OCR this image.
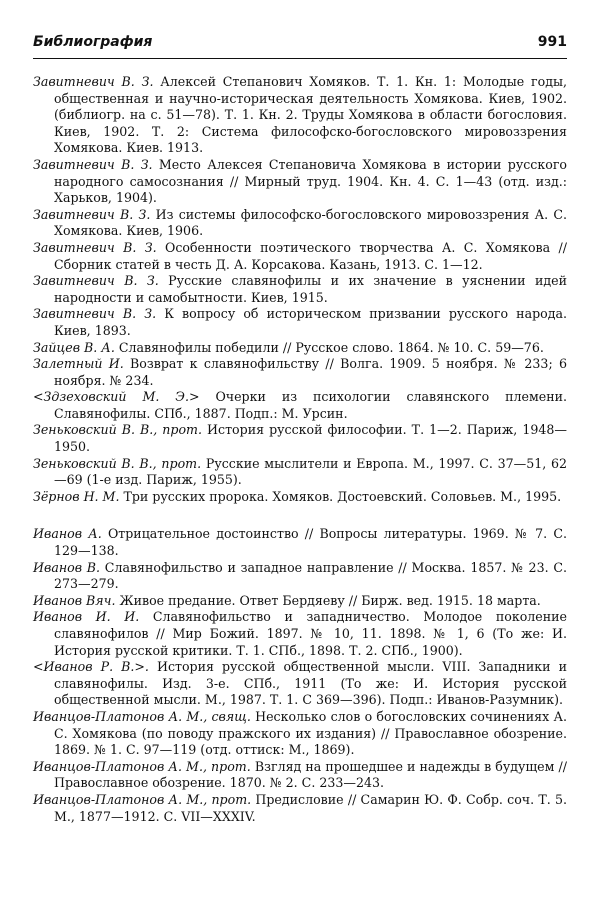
Библиография	991

Завитневич В. З. Алексей Степанович Хомяков. Т. 1. Кн. 1: Молодые годы, общественная и научно-историческая деятельность Хомякова. Киев, 1902. (библиогр. на с. 51—78). Т. 1. Кн. 2. Труды Хомякова в области богословия. Киев, 1902. Т. 2: Система философско-богословского мировоззрения Хомякова. Киев. 1913.

Завитневич В. З. Место Алексея Степановича Хомякова в истории русского народного самосознания // Мирный труд. 1904. Кн. 4. С. 1—43 (отд. изд.: Харьков, 1904).

Завитневич В. З. Из системы философско-богословского мировоззрения А. С. Хомякова. Киев, 1906.

Завитневич В. З. Особенности поэтического творчества А. С. Хомякова // Сборник статей в честь Д. А. Корсакова. Казань, 1913. С. 1—12.

Завитневич В. З. Русские славянофилы и их значение в уяснении идей народности и самобытности. Киев, 1915.

Завитневич В. З. К вопросу об историческом призвании русского народа. Киев, 1893.

Зайцев В. А. Славянофилы победили // Русское слово. 1864. № 10. С. 59—76.

Залетный И. Возврат к славянофильству // Волга. 1909. 5 ноября. № 233; 6 ноября. № 234.

<Здзеховский М. Э.> Очерки из психологии славянского племени. Славянофилы. СПб., 1887. Подп.: М. Урсин.

Зеньковский В. В., прот. История русской философии. Т. 1—2. Париж, 1948—1950.

Зеньковский В. В., прот. Русские мыслители и Европа. М., 1997. С. 37—51, 62—69 (1-е изд. Париж, 1955).

Зёрнов Н. М. Три русских пророка. Хомяков. Достоевский. Соловьев. М., 1995.

Иванов А. Отрицательное достоинство // Вопросы литературы. 1969. № 7. С. 129—138.

Иванов В. Славянофильство и западное направление // Москва. 1857. № 23. С. 273—279.

Иванов Вяч. Живое предание. Ответ Бердяеву // Бирж. вед. 1915. 18 марта.

Иванов И. И. Славянофильство и западничество. Молодое поколение славянофилов // Мир Божий. 1897. № 10, 11. 1898. № 1, 6 (То же: И. История русской критики. Т. 1. СПб., 1898. Т. 2. СПб., 1900).

<Иванов Р. В.>. История русской общественной мысли. VIII. Западники и славянофилы. Изд. 3-е. СПб., 1911 (То же: И. История русской общественной мысли. М., 1987. Т. 1. С 369—396). Подп.: Иванов-Разумник).

Иванцов-Платонов А. М., свящ. Несколько слов о богословских сочинениях А. С. Хомякова (по поводу пражского их издания) // Православное обозрение. 1869. № 1. С. 97—119 (отд. оттиск: М., 1869).

Иванцов-Платонов А. М., прот. Взгляд на прошедшее и надежды в будущем // Православное обозрение. 1870. № 2. С. 233—243.

Иванцов-Платонов А. М., прот. Предисловие // Самарин Ю. Ф. Собр. соч. Т. 5. М., 1877—1912. С. VII—XXXIV.
